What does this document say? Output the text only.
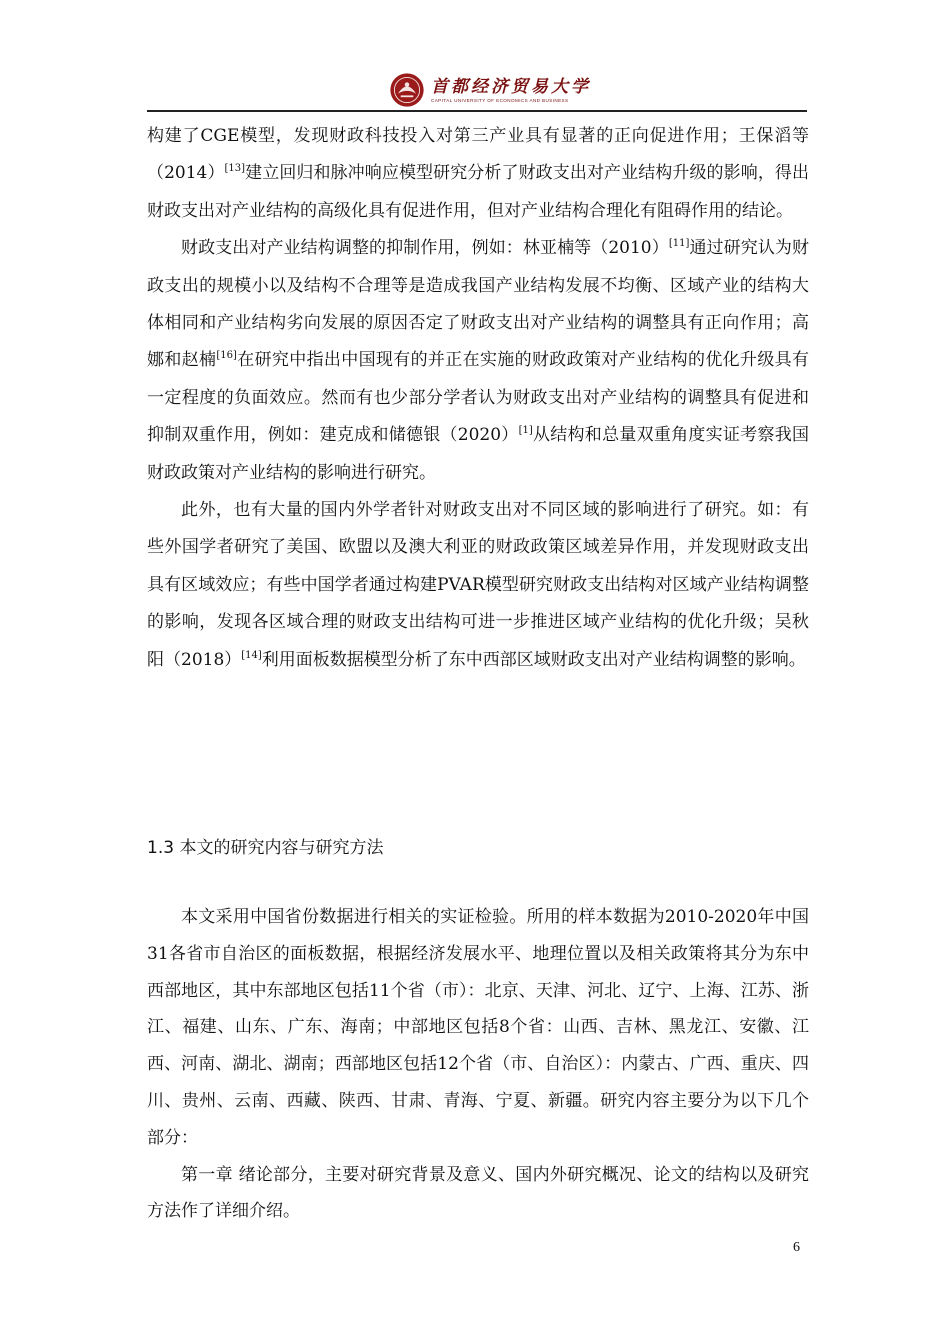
首都经济贸易大学
CAPITAL UNIVERSITY OF ECONOMICS AND BUSINESS

构建了CGE模型，发现财政科技投入对第三产业具有显著的正向促进作用；王保滔等（2014）[13]建立回归和脉冲响应模型研究分析了财政支出对产业结构升级的影响，得出财政支出对产业结构的高级化具有促进作用，但对产业结构合理化有阻碍作用的结论。

财政支出对产业结构调整的抑制作用，例如：林亚楠等（2010）[11]通过研究认为财政支出的规模小以及结构不合理等是造成我国产业结构发展不均衡、区域产业的结构大体相同和产业结构劣向发展的原因否定了财政支出对产业结构的调整具有正向作用；高娜和赵楠[16]在研究中指出中国现有的并正在实施的财政政策对产业结构的优化升级具有一定程度的负面效应。然而有也少部分学者认为财政支出对产业结构的调整具有促进和抑制双重作用，例如：建克成和储德银（2020）[1]从结构和总量双重角度实证考察我国财政政策对产业结构的影响进行研究。

此外，也有大量的国内外学者针对财政支出对不同区域的影响进行了研究。如：有些外国学者研究了美国、欧盟以及澳大利亚的财政政策区域差异作用，并发现财政支出具有区域效应；有些中国学者通过构建PVAR模型研究财政支出结构对区域产业结构调整的影响，发现各区域合理的财政支出结构可进一步推进区域产业结构的优化升级；吴秋阳（2018）[14]利用面板数据模型分析了东中西部区域财政支出对产业结构调整的影响。

1.3 本文的研究内容与研究方法

本文采用中国省份数据进行相关的实证检验。所用的样本数据为2010-2020年中国31各省市自治区的面板数据，根据经济发展水平、地理位置以及相关政策将其分为东中西部地区，其中东部地区包括11个省（市）：北京、天津、河北、辽宁、上海、江苏、浙江、福建、山东、广东、海南；中部地区包括8个省：山西、吉林、黑龙江、安徽、江西、河南、湖北、湖南；西部地区包括12个省（市、自治区）：内蒙古、广西、重庆、四川、贵州、云南、西藏、陕西、甘肃、青海、宁夏、新疆。研究内容主要分为以下几个部分：

第一章 绪论部分，主要对研究背景及意义、国内外研究概况、论文的结构以及研究方法作了详细介绍。

6
